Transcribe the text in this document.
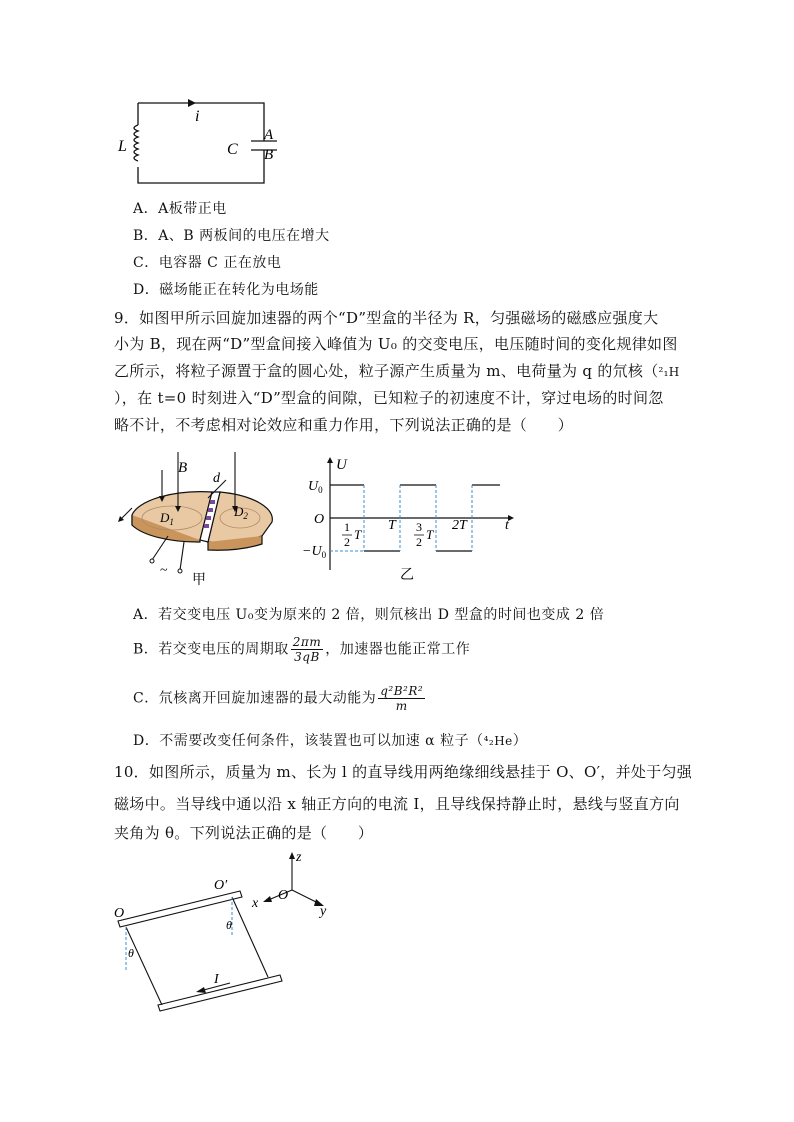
i
L	C
A
B
A．A板带正电
B．A、B 两板间的电压在增大
C．电容器 C 正在放电
D．磁场能正在转化为电场能
9．如图甲所示回旋加速器的两个“D”型盒的半径为 R，匀强磁场的磁感应强度大
小为 B，现在两“D”型盒间接入峰值为 U₀ 的交变电压，电压随时间的变化规律如图
乙所示，将粒子源置于盒的圆心处，粒子源产生质量为 m、电荷量为 q 的氘核（²₁H
），在 t=0 时刻进入“D”型盒的间隙，已知粒子的初速度不计，穿过电场的时间忽
略不计，不考虑相对论效应和重力作用，下列说法正确的是（　　）
B
d
$D_1$
$D_2$
~
甲
U
$U_0$
O
$-U_0$
t
1
2 T
T 3
2 T
2T
乙
A．若交变电压 U₀变为原来的 2 倍，则氘核出 D 型盒的时间也变成 2 倍
B．若交变电压的周期取 $\frac{2\pi m}{3qB}$ ，加速器也能正常工作
C．氘核离开回旋加速器的最大动能为 $\frac{\text{q²B²R²}}{m}$
D．不需要改变任何条件，该装置也可以加速 α 粒子（⁴₂He）
10．如图所示，质量为 m、长为 l 的直导线用两绝缘细线悬挂于 O、O′，并处于匀强
磁场中。当导线中通以沿 x 轴正方向的电流 I，且导线保持静止时，悬线与竖直方向
夹角为 θ。下列说法正确的是（　　）
z
x
y
O
O
O′
θ
θ
I
